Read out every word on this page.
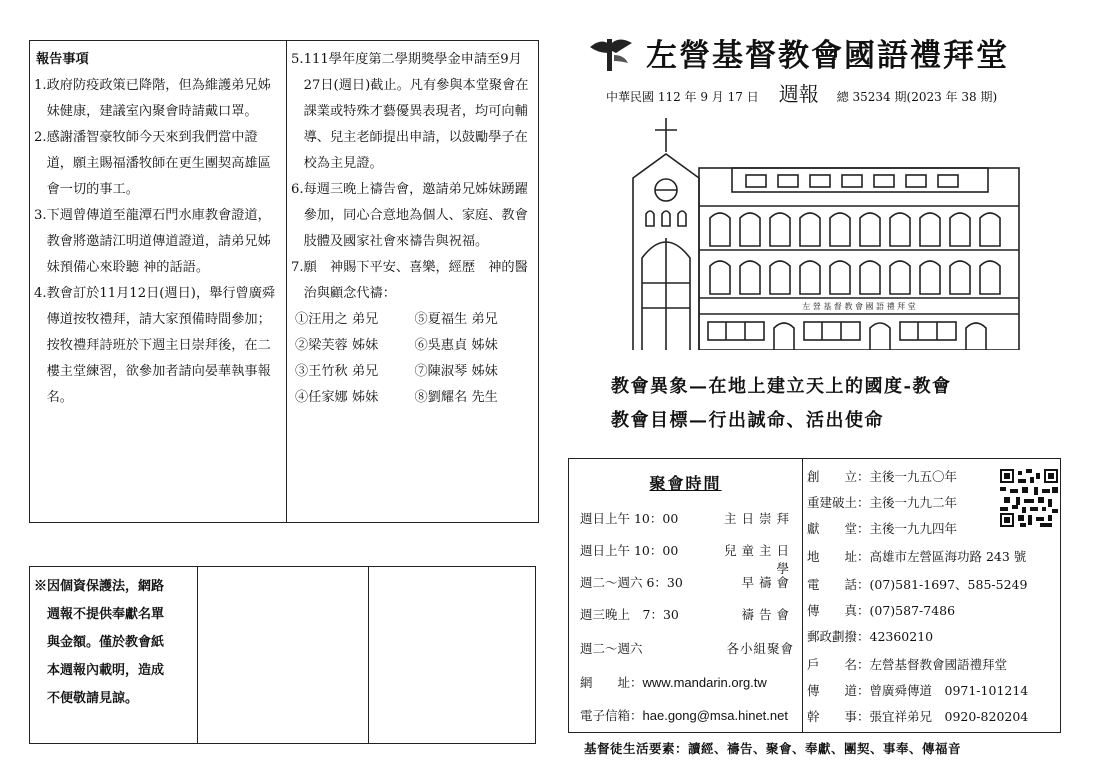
報告事項
1. 政府防疫政策已降階，但為維護弟兄姊妹健康，建議室內聚會時請戴口罩。
2. 感謝潘智豪牧師今天來到我們當中證道，願主賜福潘牧師在更生團契高雄區會一切的事工。
3. 下週曾傳道至龍潭石門水庫教會證道，教會將邀請江明道傳道證道，請弟兄姊妹預備心來聆聽 神的話語。
4. 教會訂於11月12日(週日)，舉行曾廣舜傳道按牧禮拜，請大家預備時間參加；按牧禮拜詩班於下週主日崇拜後，在二樓主堂練習，欲參加者請向晏華執事報名。
5. 111學年度第二學期獎學金申請至9月27日(週日)截止。凡有參與本堂聚會在課業或特殊才藝優異表現者，均可向輔導、兒主老師提出申請，以鼓勵學子在校為主見證。
6. 每週三晚上禱告會，邀請弟兄姊妹踴躍參加，同心合意地為個人、家庭、教會肢體及國家社會來禱告與祝福。
7. 願　神賜下平安、喜樂，經歷　神的醫治與顧念代禱：
①汪用之 弟兄	⑤夏福生 弟兄
②梁芙蓉 姊妹	⑥吳惠貞 姊妹
③王竹秋 弟兄	⑦陳淑琴 姊妹
④任家娜 姊妹	⑧劉耀名 先生
※因個資保護法，網路
　週報不提供奉獻名單
　與金額。僅於教會紙
　本週報內載明，造成
　不便敬請見諒。
左營基督教會國語禮拜堂
中華民國 112 年 9 月 17 日 週報 總 35234 期(2023 年 38 期)
左 營 基 督 教 會 國 語 禮 拜 堂
教會異象—在地上建立天上的國度-教會
教會目標—行出誠命、活出使命
聚會時間
週日上午 10：00	主日崇拜
週日上午 10：00	兒童主日學
週二～週六 6：30	早禱會
週三晚上　7：30	禱告會
週二～週六	各小組聚會
網　　址：www.mandarin.org.tw
電子信箱：hae.gong@msa.hinet.net
創　　立：主後一九五〇年
重建破土：主後一九九二年
獻　　堂：主後一九九四年
地　　址：高雄市左營區海功路 243 號
電　　話：(07)581-1697、585-5249
傳　　真：(07)587-7486
郵政劃撥：42360210
戶　　名：左營基督教會國語禮拜堂
傳　　道：曾廣舜傳道　0971-101214
幹　　事：張宜祥弟兄　0920-820204
基督徒生活要素：讀經、禱告、聚會、奉獻、團契、事奉、傳福音
